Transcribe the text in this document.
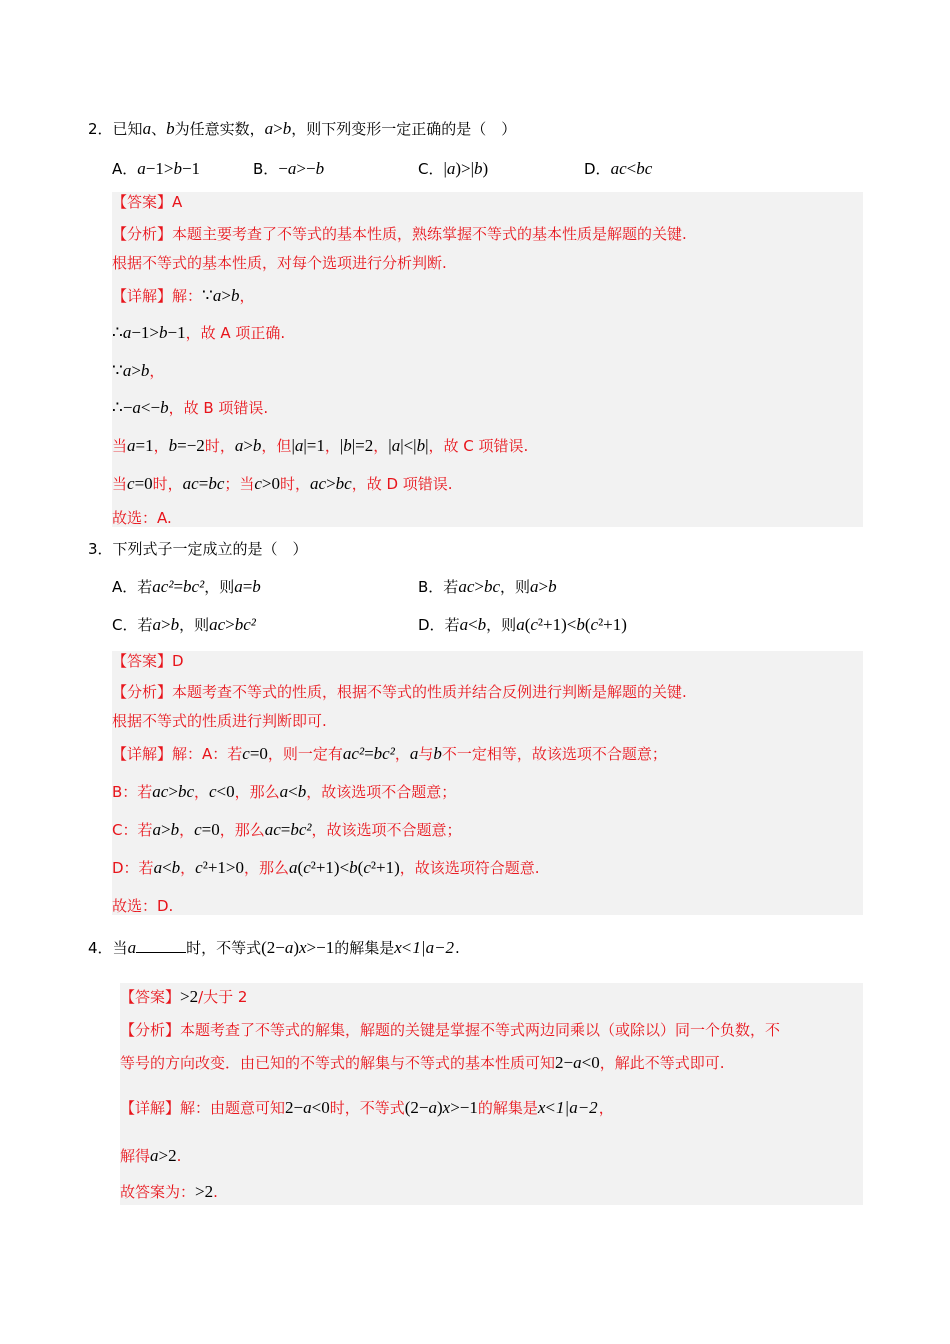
2．已知a、b为任意实数，a>b，则下列变形一定正确的是（　）
A．a−1>b−1	B．−a>−b	C．|a)>|b)	D．ac<bc
【答案】A
【分析】本题主要考查了不等式的基本性质，熟练掌握不等式的基本性质是解题的关键.
根据不等式的基本性质，对每个选项进行分析判断.
【详解】解：∵a>b，
∴a−1>b−1，故 A 项正确.
∵a>b，
∴−a<−b，故 B 项错误.
当a=1，b=−2时，a>b，但|a|=1，|b|=2，|a|<|b|，故 C 项错误.
当c=0时，ac=bc；当c>0时，ac>bc，故 D 项错误.
故选：A.
3．下列式子一定成立的是（　）
A．若ac²=bc²，则a=b	B．若ac>bc，则a>b
C．若a>b，则ac>bc²	D．若a<b，则a(c²+1)<b(c²+1)
【答案】D
【分析】本题考查不等式的性质，根据不等式的性质并结合反例进行判断是解题的关键.
根据不等式的性质进行判断即可.
【详解】解：A：若c=0，则一定有ac²=bc²，a与b不一定相等，故该选项不合题意；
B：若ac>bc，c<0，那么a<b，故该选项不合题意；
C：若a>b，c=0，那么ac=bc²，故该选项不合题意；
D：若a<b，c²+1>0，那么a(c²+1)<b(c²+1)，故该选项符合题意.
故选：D.
4．当a	时，不等式(2−a)x>−1的解集是x<1|a−2.
【答案】>2/大于 2
【分析】本题考查了不等式的解集，解题的关键是掌握不等式两边同乘以（或除以）同一个负数，不
等号的方向改变．由已知的不等式的解集与不等式的基本性质可知2−a<0，解此不等式即可.
【详解】解：由题意可知2−a<0时，不等式(2−a)x>−1的解集是x<1|a−2，
解得a>2.
故答案为：>2.
